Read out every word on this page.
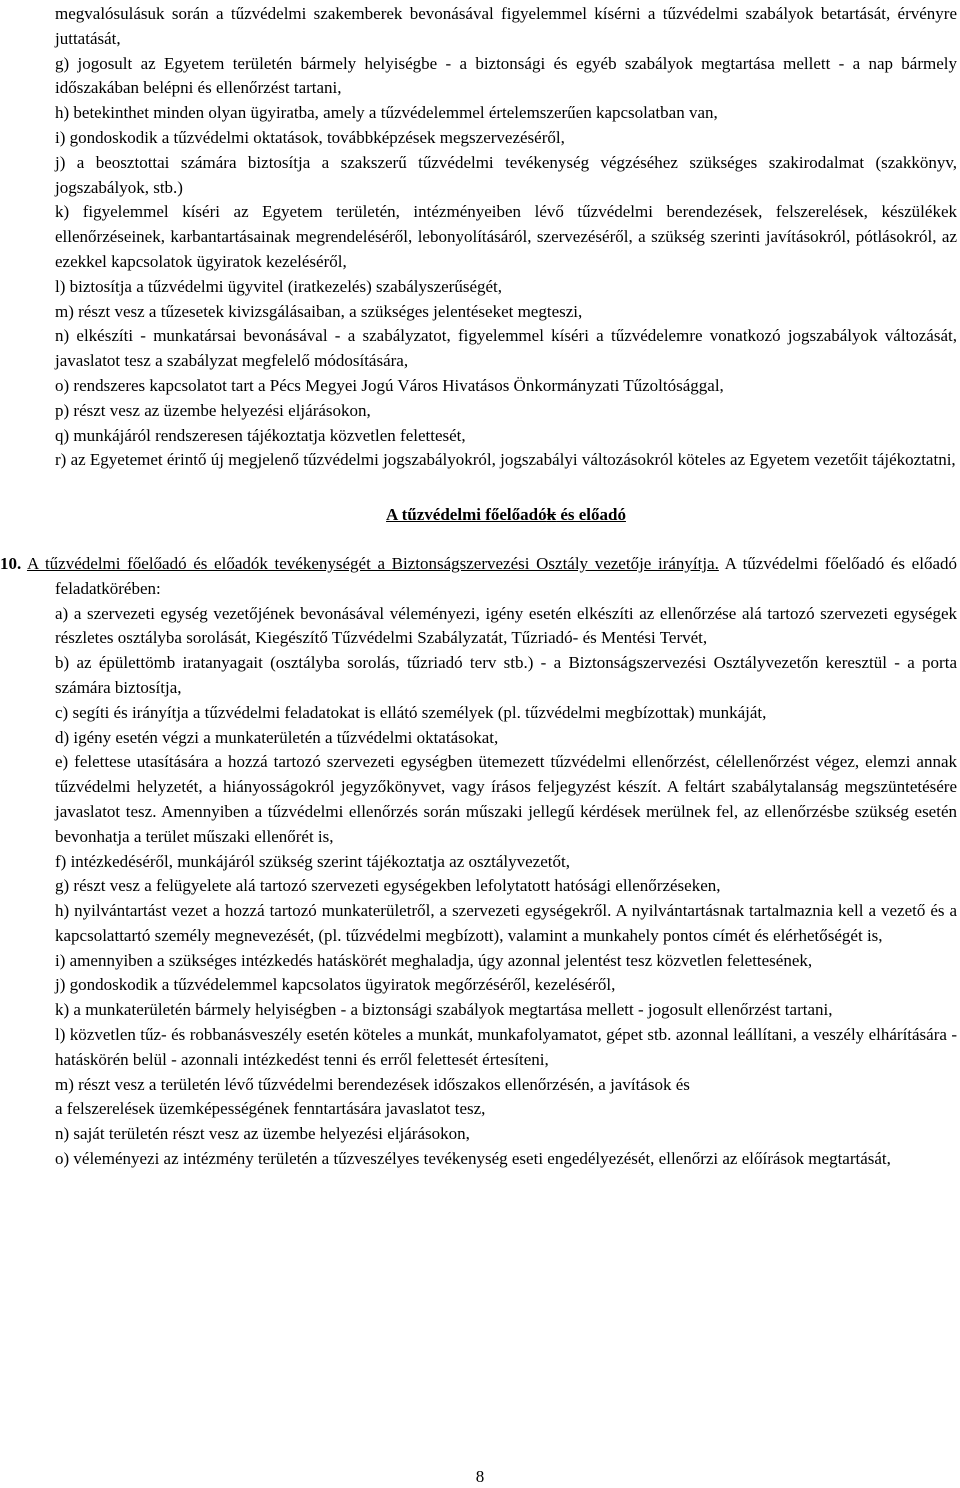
megvalósulásuk során a tűzvédelmi szakemberek bevonásával figyelemmel kísérni a tűzvédelmi szabályok betartását, érvényre juttatását,

g) jogosult az Egyetem területén bármely helyiségbe - a biztonsági és egyéb szabályok megtartása mellett - a nap bármely időszakában belépni és ellenőrzést tartani,

h) betekinthet minden olyan ügyiratba, amely a tűzvédelemmel értelemszerűen kapcsolatban van,

i) gondoskodik a tűzvédelmi oktatások, továbbképzések megszervezéséről,

j) a beosztottai számára biztosítja a szakszerű tűzvédelmi tevékenység végzéséhez szükséges szakirodalmat (szakkönyv, jogszabályok, stb.)

k) figyelemmel kíséri az Egyetem területén, intézményeiben lévő tűzvédelmi berendezések, felszerelések, készülékek ellenőrzéseinek, karbantartásainak megrendeléséről, lebonyolításáról, szervezéséről, a szükség szerinti javításokról, pótlásokról, az ezekkel kapcsolatok ügyiratok kezeléséről,

l) biztosítja a tűzvédelmi ügyvitel (iratkezelés) szabályszerűségét,

m) részt vesz a tűzesetek kivizsgálásaiban, a szükséges jelentéseket megteszi,

n) elkészíti - munkatársai bevonásával - a szabályzatot, figyelemmel kíséri a tűzvédelemre vonatkozó jogszabályok változását, javaslatot tesz a szabályzat megfelelő módosítására,

o) rendszeres kapcsolatot tart a Pécs Megyei Jogú Város Hivatásos Önkormányzati Tűzoltósággal,

p) részt vesz az üzembe helyezési eljárásokon,

q) munkájáról rendszeresen tájékoztatja közvetlen felettesét,

r) az Egyetemet érintő új megjelenő tűzvédelmi jogszabályokról, jogszabályi változásokról köteles az Egyetem vezetőit tájékoztatni,

A tűzvédelmi főelőadók és előadó

10. A tűzvédelmi főelőadó és előadók tevékenységét a Biztonságszervezési Osztály vezetője irányítja. A tűzvédelmi főelőadó és előadó feladatkörében:

a) a szervezeti egység vezetőjének bevonásával véleményezi, igény esetén elkészíti az ellenőrzése alá tartozó szervezeti egységek részletes osztályba sorolását, Kiegészítő Tűzvédelmi Szabályzatát, Tűzriadó- és Mentési Tervét,

b) az épülettömb iratanyagait (osztályba sorolás, tűzriadó terv stb.) - a Biztonságszervezési Osztályvezetőn keresztül - a porta számára biztosítja,

c) segíti és irányítja a tűzvédelmi feladatokat is ellátó személyek (pl. tűzvédelmi megbízottak) munkáját,

d) igény esetén végzi a munkaterületén a tűzvédelmi oktatásokat,

e) felettese utasítására a hozzá tartozó szervezeti egységben ütemezett tűzvédelmi ellenőrzést, célellenőrzést végez, elemzi annak tűzvédelmi helyzetét, a hiányosságokról jegyzőkönyvet, vagy írásos feljegyzést készít. A feltárt szabálytalanság megszüntetésére javaslatot tesz. Amennyiben a tűzvédelmi ellenőrzés során műszaki jellegű kérdések merülnek fel, az ellenőrzésbe szükség esetén bevonhatja a terület műszaki ellenőrét is,

f) intézkedéséről, munkájáról szükség szerint tájékoztatja az osztályvezetőt,

g) részt vesz a felügyelete alá tartozó szervezeti egységekben lefolytatott hatósági ellenőrzéseken,

h) nyilvántartást vezet a hozzá tartozó munkaterületről, a szervezeti egységekről. A nyilvántartásnak tartalmaznia kell a vezető és a kapcsolattartó személy megnevezését, (pl. tűzvédelmi megbízott), valamint a munkahely pontos címét és elérhetőségét is,

i) amennyiben a szükséges intézkedés hatáskörét meghaladja, úgy azonnal jelentést tesz közvetlen felettesének,

j) gondoskodik a tűzvédelemmel kapcsolatos ügyiratok megőrzéséről, kezeléséről,

k) a munkaterületén bármely helyiségben - a biztonsági szabályok megtartása mellett - jogosult ellenőrzést tartani,

l) közvetlen tűz- és robbanásveszély esetén köteles a munkát, munkafolyamatot, gépet stb. azonnal leállítani, a veszély elhárítására - hatáskörén belül - azonnali intézkedést tenni és erről felettesét értesíteni,

m) részt vesz a területén lévő tűzvédelmi berendezések időszakos ellenőrzésén, a javítások és

a felszerelések üzemképességének fenntartására javaslatot tesz,

n) saját területén részt vesz az üzembe helyezési eljárásokon,

o) véleményezi az intézmény területén a tűzveszélyes tevékenység eseti engedélyezését, ellenőrzi az előírások megtartását,

8
